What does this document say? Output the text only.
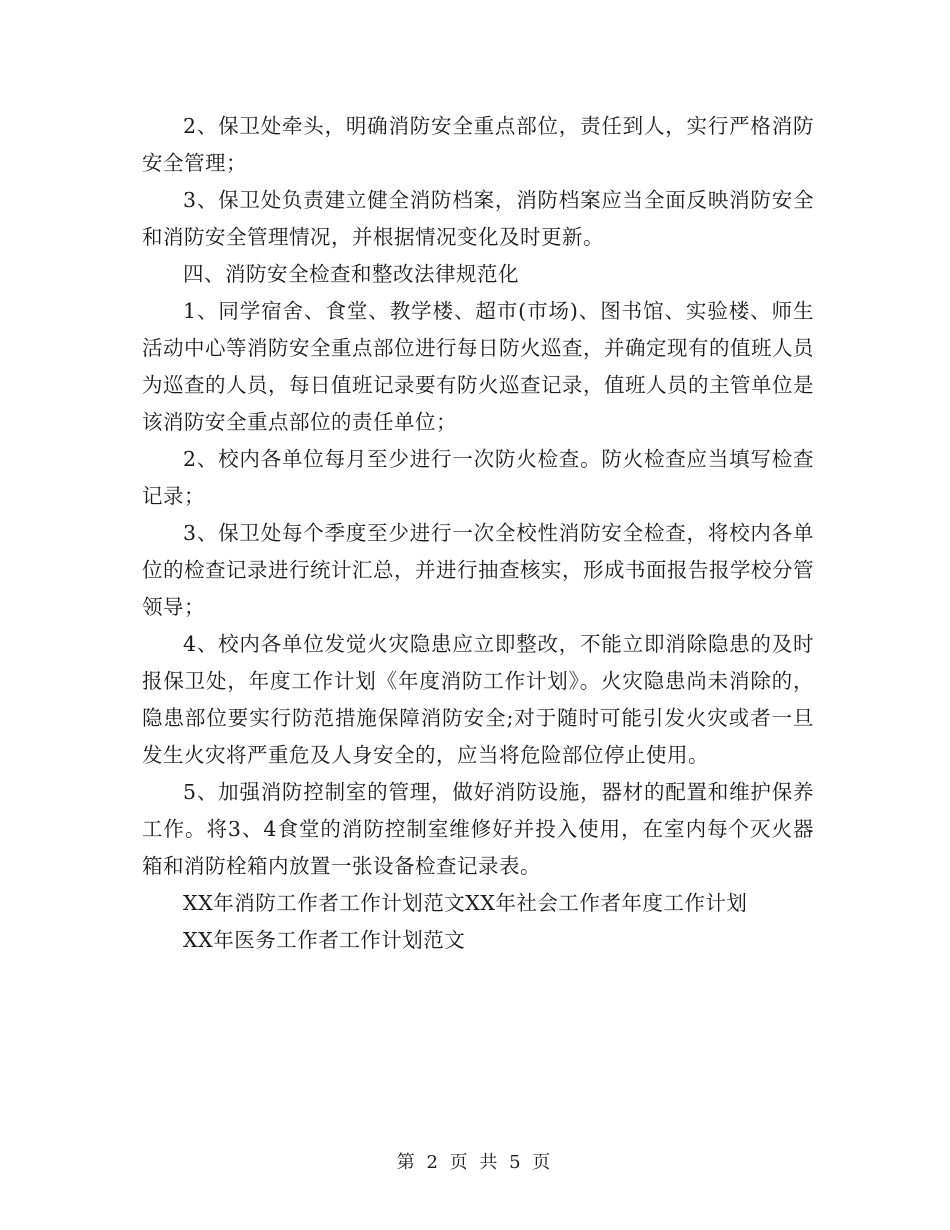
2、保卫处牵头，明确消防安全重点部位，责任到人，实行严格消防安全管理；

3、保卫处负责建立健全消防档案，消防档案应当全面反映消防安全和消防安全管理情况，并根据情况变化及时更新。

四、消防安全检查和整改法律规范化

1、同学宿舍、食堂、教学楼、超市(市场)、图书馆、实验楼、师生活动中心等消防安全重点部位进行每日防火巡查，并确定现有的值班人员为巡查的人员，每日值班记录要有防火巡查记录，值班人员的主管单位是该消防安全重点部位的责任单位；

2、校内各单位每月至少进行一次防火检查。防火检查应当填写检查记录；

3、保卫处每个季度至少进行一次全校性消防安全检查，将校内各单位的检查记录进行统计汇总，并进行抽查核实，形成书面报告报学校分管领导；

4、校内各单位发觉火灾隐患应立即整改，不能立即消除隐患的及时报保卫处，年度工作计划《年度消防工作计划》。火灾隐患尚未消除的，隐患部位要实行防范措施保障消防安全;对于随时可能引发火灾或者一旦发生火灾将严重危及人身安全的，应当将危险部位停止使用。

5、加强消防控制室的管理，做好消防设施，器材的配置和维护保养工作。将3、4食堂的消防控制室维修好并投入使用，在室内每个灭火器箱和消防栓箱内放置一张设备检查记录表。

XX年消防工作者工作计划范文XX年社会工作者年度工作计划

XX年医务工作者工作计划范文

第 2 页 共 5 页
